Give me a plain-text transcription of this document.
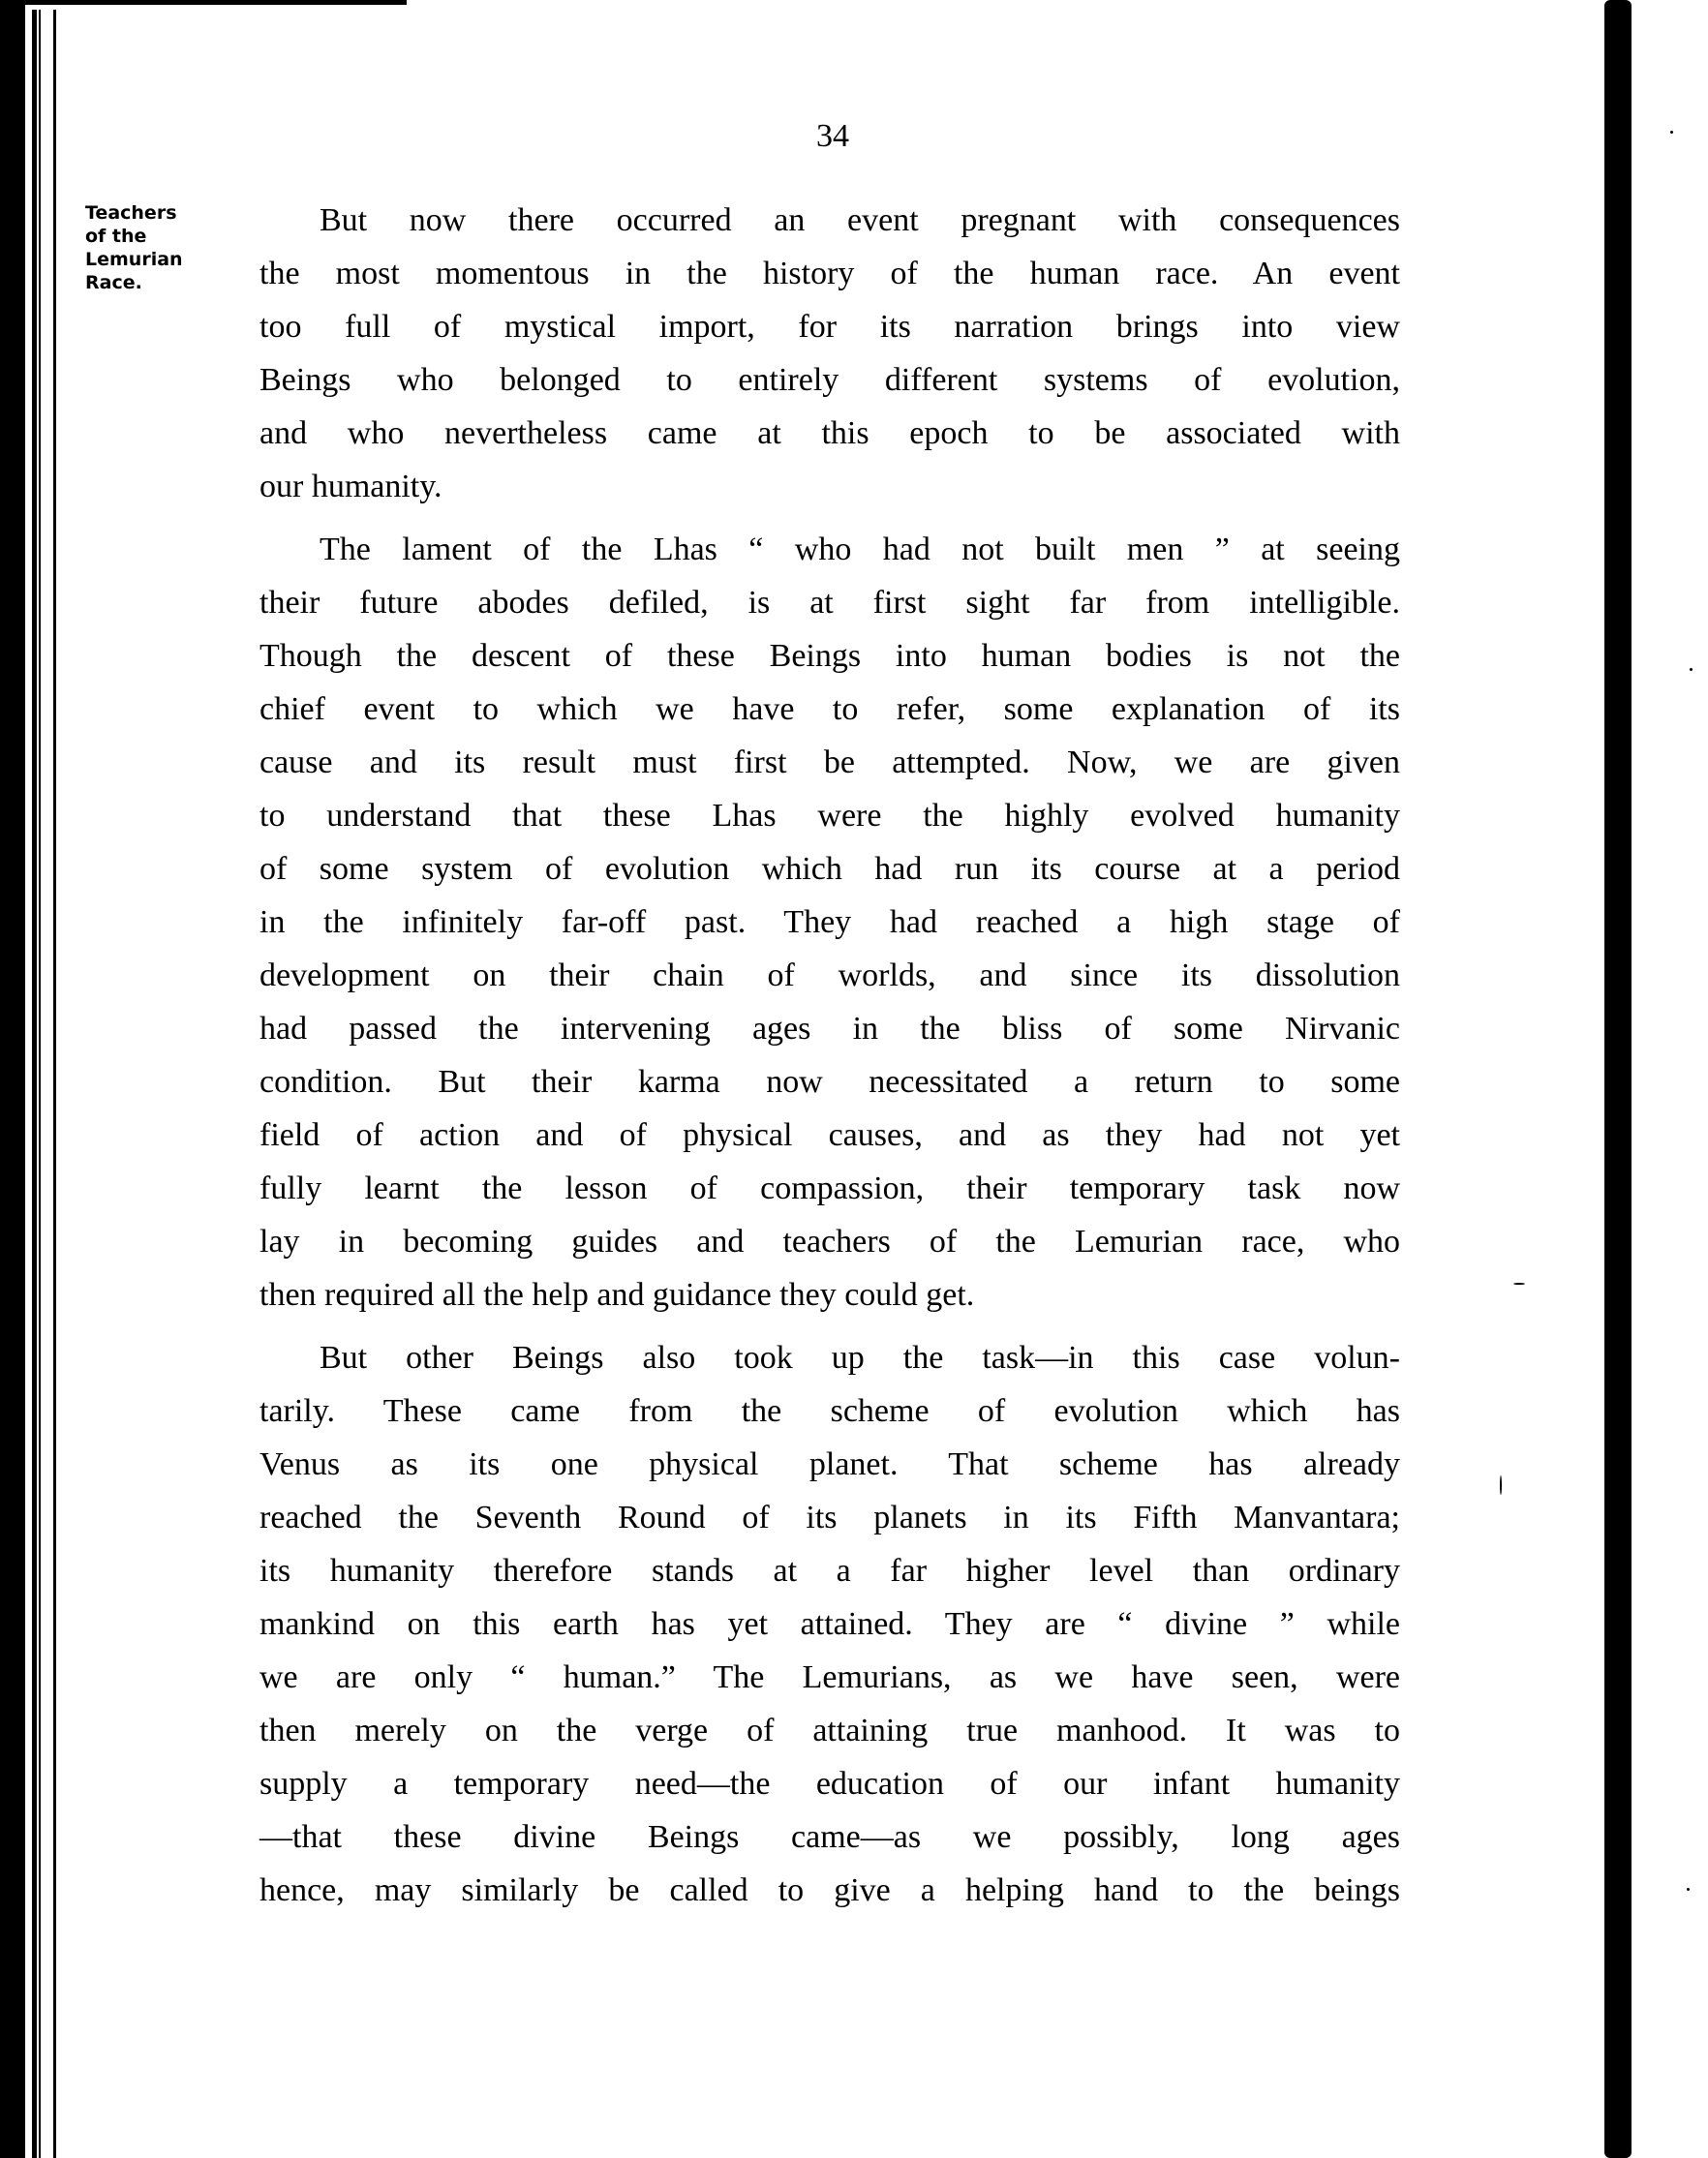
34
Teachers
of the
Lemurian
Race.
But now there occurred an event pregnant with consequences
the most momentous in the history of the human race. An event
too full of mystical import, for its narration brings into view
Beings who belonged to entirely different systems of evolution,
and who nevertheless came at this epoch to be associated with
our humanity.
The lament of the Lhas “ who had not built men ” at seeing
their future abodes defiled, is at first sight far from intelligible.
Though the descent of these Beings into human bodies is not the
chief event to which we have to refer, some explanation of its
cause and its result must first be attempted. Now, we are given
to understand that these Lhas were the highly evolved humanity
of some system of evolution which had run its course at a period
in the infinitely far-off past. They had reached a high stage of
development on their chain of worlds, and since its dissolution
had passed the intervening ages in the bliss of some Nirvanic
condition. But their karma now necessitated a return to some
field of action and of physical causes, and as they had not yet
fully learnt the lesson of compassion, their temporary task now
lay in becoming guides and teachers of the Lemurian race, who
then required all the help and guidance they could get.
But other Beings also took up the task—in this case volun-
tarily. These came from the scheme of evolution which has
Venus as its one physical planet. That scheme has already
reached the Seventh Round of its planets in its Fifth Manvantara;
its humanity therefore stands at a far higher level than ordinary
mankind on this earth has yet attained. They are “ divine ” while
we are only “ human.” The Lemurians, as we have seen, were
then merely on the verge of attaining true manhood. It was to
supply a temporary need—the education of our infant humanity
—that these divine Beings came—as we possibly, long ages
hence, may similarly be called to give a helping hand to the beings
